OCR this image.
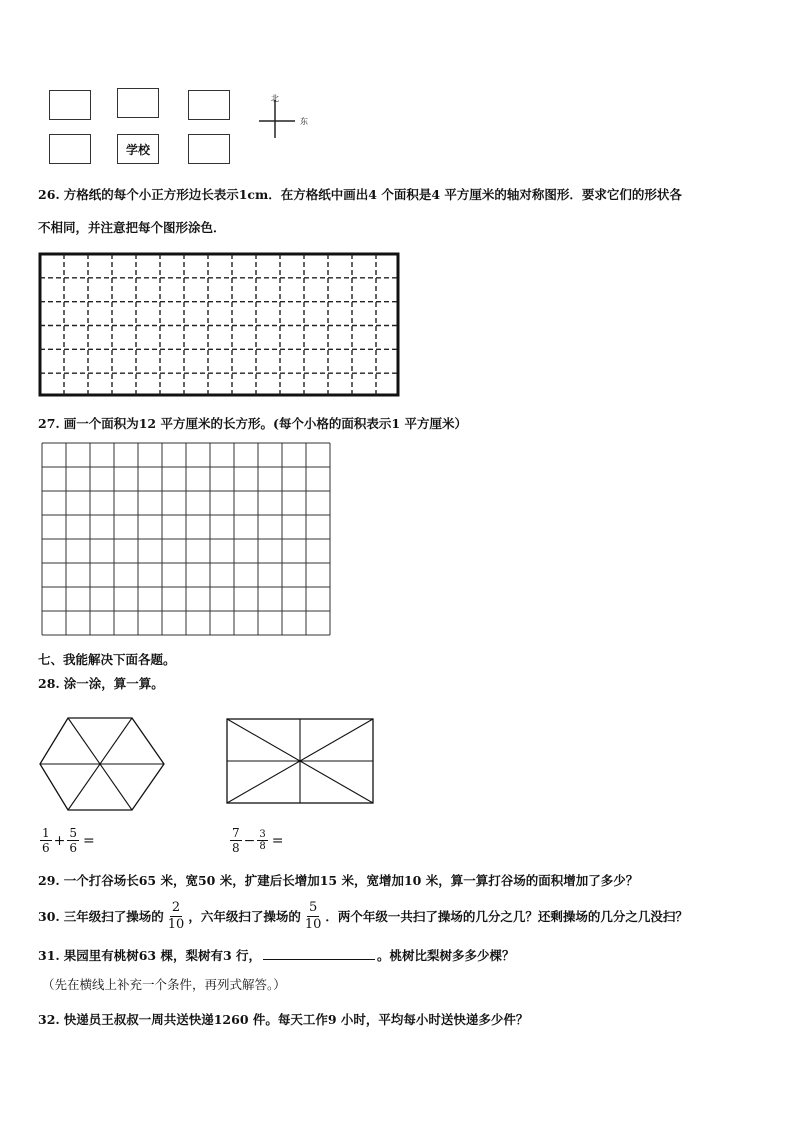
学校
北
东
26. 方格纸的每个小正方形边长表示1cm．在方格纸中画出4 个面积是4 平方厘米的轴对称图形．要求它们的形状各
不相同，并注意把每个图形涂色．
27. 画一个面积为12 平方厘米的长方形。(每个小格的面积表示1 平方厘米）
七、我能解决下面各题。
28. 涂一涂，算一算。
$\frac{1}{6} + \frac{5}{6}$ =	$\frac{7}{8} - \frac{3}{8}$ =
29. 一个打谷场长65 米，宽50 米，扩建后长增加15 米，宽增加10 米，算一算打谷场的面积增加了多少？
30. 三年级扫了操场的 $\frac{2}{10}$ ，六年级扫了操场的 $\frac{5}{10}$ ．两个年级一共扫了操场的几分之几？还剩操场的几分之几没扫？
31. 果园里有桃树63 棵，梨树有3 行，	。桃树比梨树多多少棵？
（先在横线上补充一个条件，再列式解答。）
32. 快递员王叔叔一周共送快递1260 件。每天工作9 小时，平均每小时送快递多少件？
